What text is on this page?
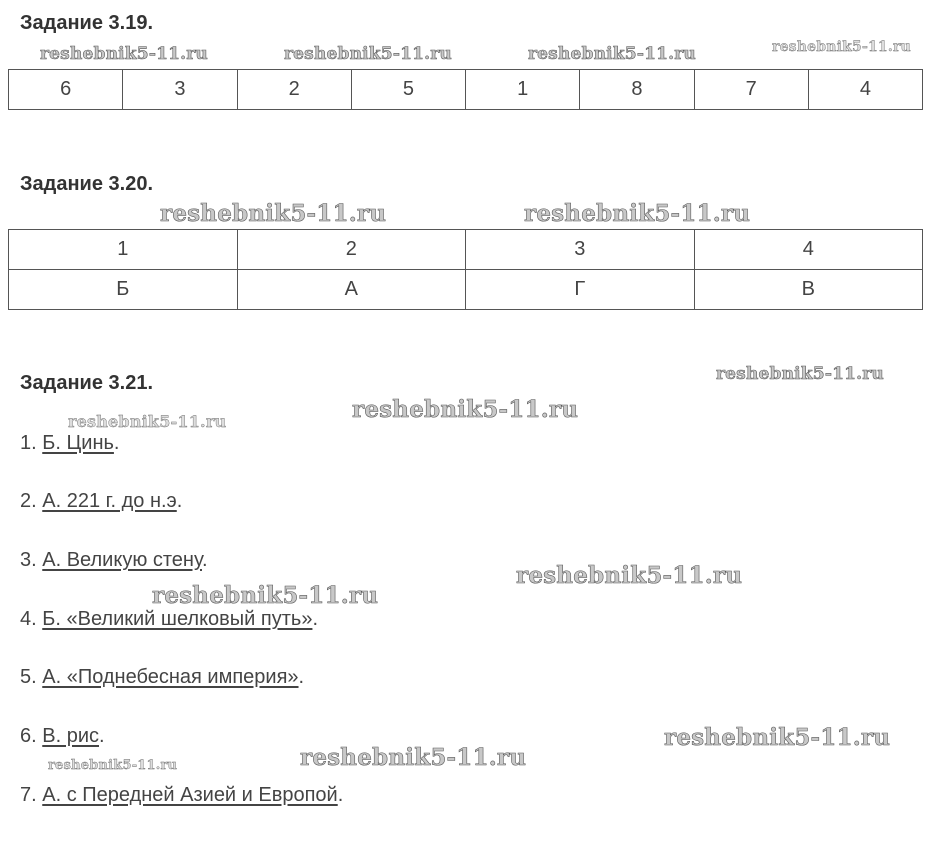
Задание 3.19.
reshebnik5-11.ru	reshebnik5-11.ru	reshebnik5-11.ru	reshebnik5-11.ru
6	3	2	5	1	8	7	4
Задание 3.20.
reshebnik5-11.ru	reshebnik5-11.ru
1	2	3	4
Б	А	Г	В
Задание 3.21.	reshebnik5-11.ru
reshebnik5-11.ru
reshebnik5-11.ru
1. Б. Цинь.
2. А. 221 г. до н.э.
3. А. Великую стену.
reshebnik5-11.ru
reshebnik5-11.ru
4. Б. «Великий шелковый путь».
5. А. «Поднебесная империя».
reshebnik5-11.ru
6. В. рис.
reshebnik5-11.ru
reshebnik5-11.ru
7. А. с Передней Азией и Европой.
